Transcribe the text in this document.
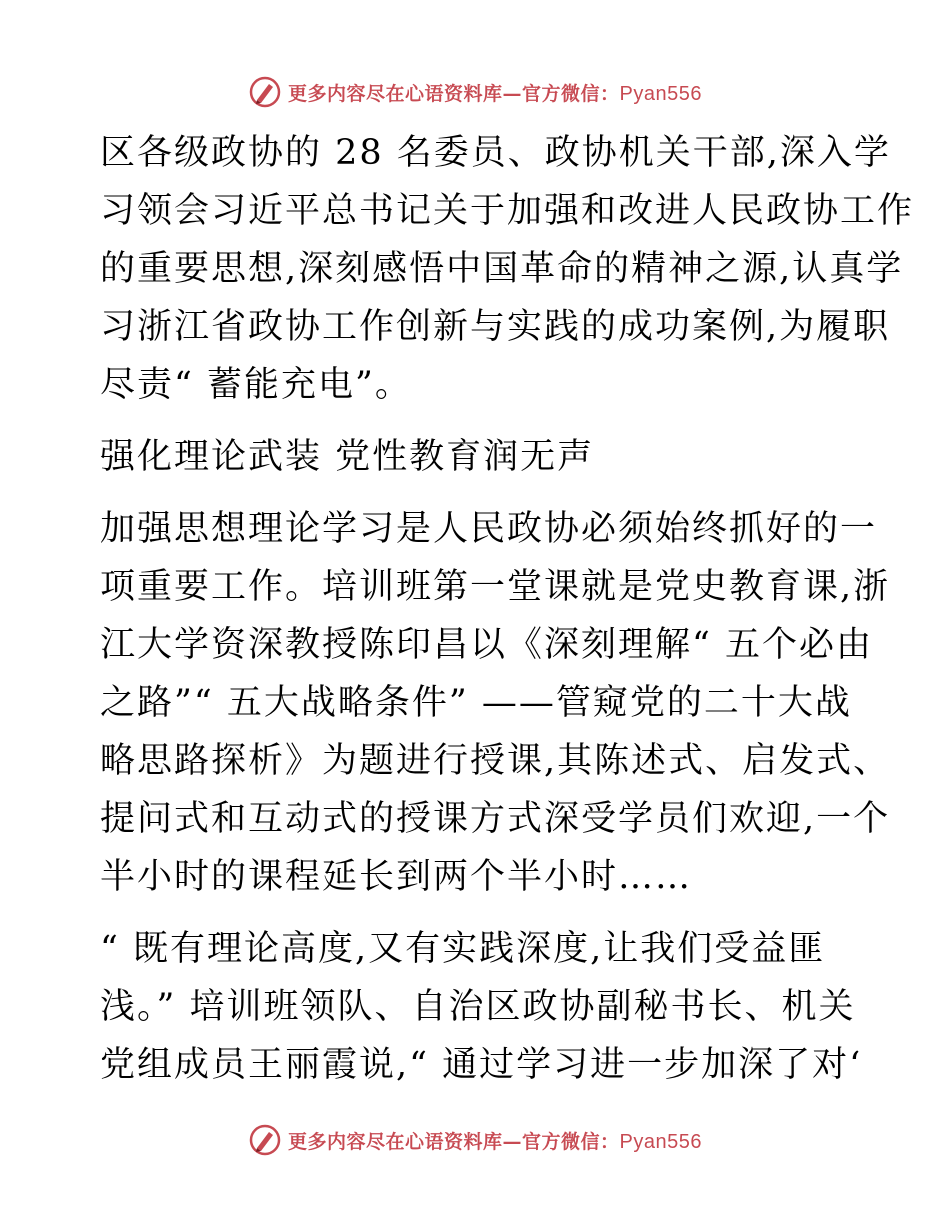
更多内容尽在心语资料库—官方微信：Pyan556
区各级政协的 28 名委员、政协机关干部,深入学
习领会习近平总书记关于加强和改进人民政协工作
的重要思想,深刻感悟中国革命的精神之源,认真学
习浙江省政协工作创新与实践的成功案例,为履职
尽责“ 蓄能充电”。
强化理论武装 党性教育润无声
加强思想理论学习是人民政协必须始终抓好的一
项重要工作。培训班第一堂课就是党史教育课,浙
江大学资深教授陈印昌以《深刻理解“ 五个必由
之路”“ 五大战略条件” ——管窥党的二十大战
略思路探析》为题进行授课,其陈述式、启发式、
提问式和互动式的授课方式深受学员们欢迎,一个
半小时的课程延长到两个半小时……
“ 既有理论高度,又有实践深度,让我们受益匪
浅。” 培训班领队、自治区政协副秘书长、机关
党组成员王丽霞说,“ 通过学习进一步加深了对‘
更多内容尽在心语资料库—官方微信：Pyan556
